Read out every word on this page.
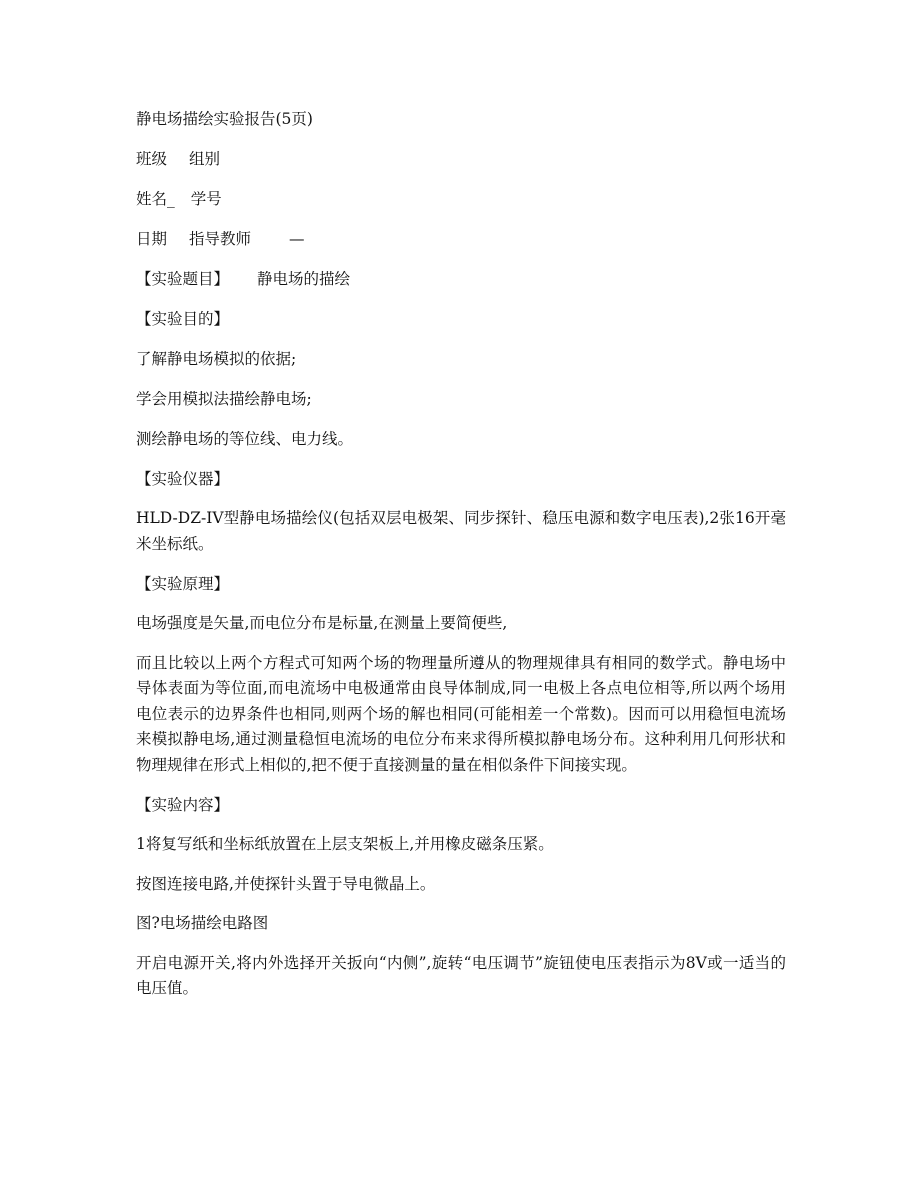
静电场描绘实验报告(5页)
班级 组别
姓名_ 学号
日期 指导教师 —
【实验题目】 静电场的描绘
【实验目的】
了解静电场模拟的依据;
学会用模拟法描绘静电场;
测绘静电场的等位线、电力线。
【实验仪器】
HLD-DZ-IV型静电场描绘仪(包括双层电极架、同步探针、稳压电源和数字电压表),2张16开毫米坐标纸。
【实验原理】
电场强度是矢量,而电位分布是标量,在测量上要简便些,
而且比较以上两个方程式可知两个场的物理量所遵从的物理规律具有相同的数学式。静电场中导体表面为等位面,而电流场中电极通常由良导体制成,同一电极上各点电位相等,所以两个场用电位表示的边界条件也相同,则两个场的解也相同(可能相差一个常数)。因而可以用稳恒电流场来模拟静电场,通过测量稳恒电流场的电位分布来求得所模拟静电场分布。这种利用几何形状和物理规律在形式上相似的,把不便于直接测量的量在相似条件下间接实现。
【实验内容】
1将复写纸和坐标纸放置在上层支架板上,并用橡皮磁条压紧。
按图连接电路,并使探针头置于导电微晶上。
图?电场描绘电路图
开启电源开关,将内外选择开关扳向“内侧”,旋转“电压调节”旋钮使电压表指示为8V或一适当的电压值。
